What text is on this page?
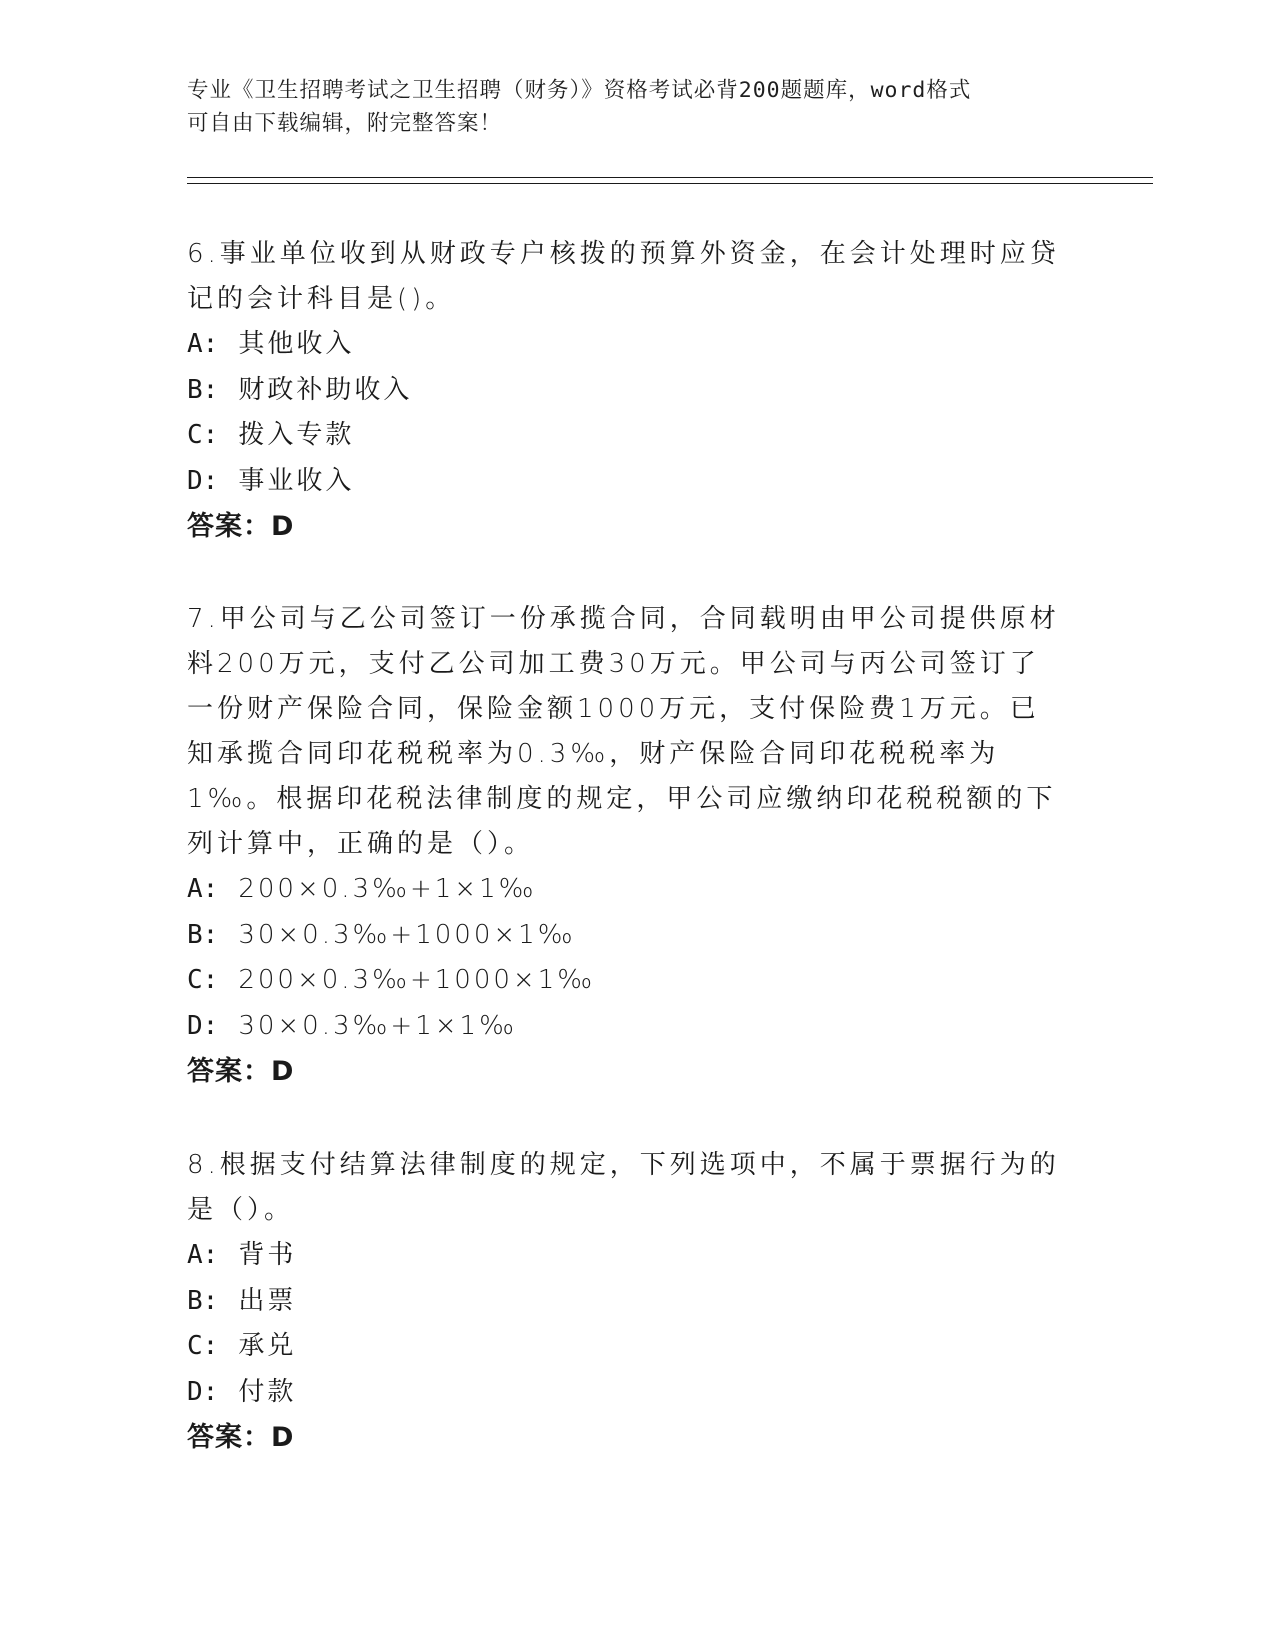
专业《卫生招聘考试之卫生招聘（财务）》资格考试必背200题题库，word格式
可自由下载编辑，附完整答案！

6.事业单位收到从财政专户核拨的预算外资金，在会计处理时应贷记的会计科目是()。

A: 其他收入

B: 财政补助收入

C: 拨入专款

D: 事业收入

答案：D

7.甲公司与乙公司签订一份承揽合同，合同载明由甲公司提供原材料200万元，支付乙公司加工费30万元。甲公司与丙公司签订了一份财产保险合同，保险金额1000万元，支付保险费1万元。已知承揽合同印花税税率为0.3‰，财产保险合同印花税税率为1‰。根据印花税法律制度的规定，甲公司应缴纳印花税税额的下列计算中，正确的是（）。

A: 200×0.3‰+1×1‰

B: 30×0.3‰+1000×1‰

C: 200×0.3‰+1000×1‰

D: 30×0.3‰+1×1‰

答案：D

8.根据支付结算法律制度的规定，下列选项中，不属于票据行为的是（）。

A: 背书

B: 出票

C: 承兑

D: 付款

答案：D
